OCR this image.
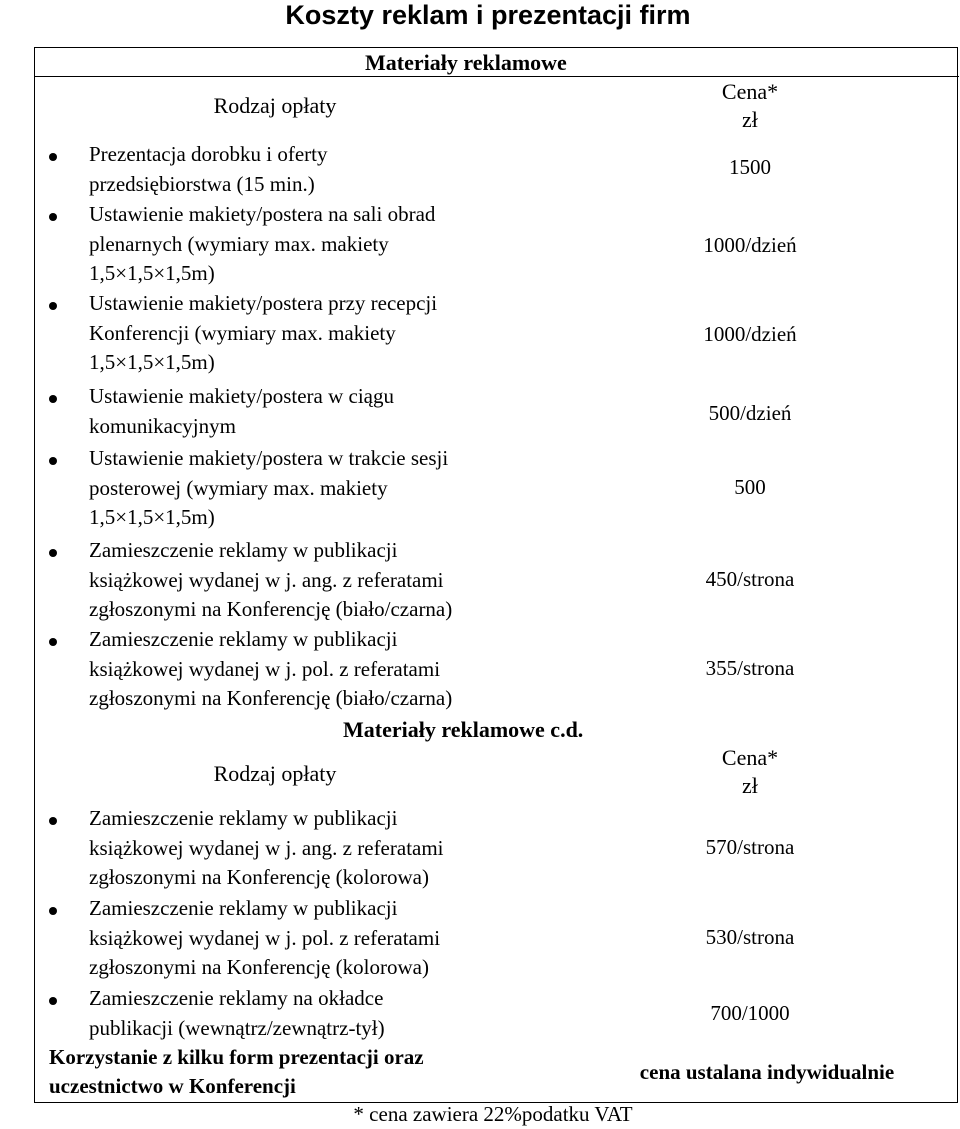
Koszty reklam i prezentacji firm
Materiały reklamowe
Rodzaj opłaty
Cena*
zł
Prezentacja dorobku i oferty
przedsiębiorstwa (15 min.)
1500
Ustawienie makiety/postera na sali obrad
plenarnych (wymiary max. makiety
1,5×1,5×1,5m)
1000/dzień
Ustawienie makiety/postera przy recepcji
Konferencji (wymiary max. makiety
1,5×1,5×1,5m)
1000/dzień
Ustawienie makiety/postera w ciągu
komunikacyjnym
500/dzień
Ustawienie makiety/postera w trakcie sesji
posterowej (wymiary max. makiety
1,5×1,5×1,5m)
500
Zamieszczenie reklamy w publikacji
książkowej wydanej w j. ang. z referatami
zgłoszonymi na Konferencję (biało/czarna)
450/strona
Zamieszczenie reklamy w publikacji
książkowej wydanej w j. pol. z referatami
zgłoszonymi na Konferencję (biało/czarna)
355/strona
Materiały reklamowe c.d.
Rodzaj opłaty
Cena*
zł
Zamieszczenie reklamy w publikacji
książkowej wydanej w j. ang. z referatami
zgłoszonymi na Konferencję (kolorowa)
570/strona
Zamieszczenie reklamy w publikacji
książkowej wydanej w j. pol. z referatami
zgłoszonymi na Konferencję (kolorowa)
530/strona
Zamieszczenie reklamy na okładce
publikacji (wewnątrz/zewnątrz-tył)
700/1000
Korzystanie z kilku form prezentacji oraz
uczestnictwo w Konferencji
cena ustalana indywidualnie
* cena zawiera 22%podatku VAT
